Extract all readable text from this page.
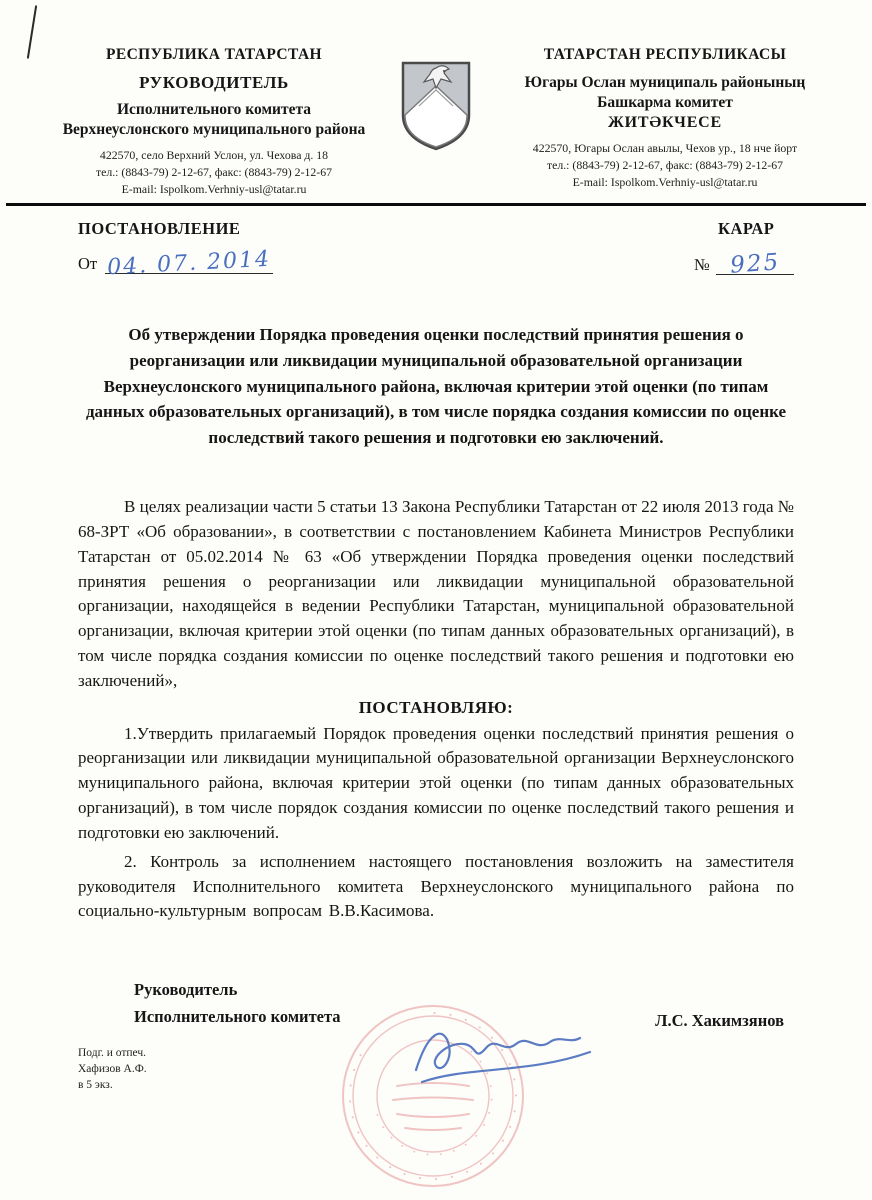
РЕСПУБЛИКА ТАТАРСТАН
РУКОВОДИТЕЛЬ
Исполнительного комитета
Верхнеуслонского муниципального района
422570, село Верхний Услон, ул. Чехова д. 18
тел.: (8843-79) 2-12-67, факс: (8843-79) 2-12-67
E-mail: Ispolkom.Verhniy-usl@tatar.ru
ТАТАРСТАН РЕСПУБЛИКАСЫ
Югары Ослан муниципаль районының
Башкарма комитет
ЖИТӘКЧЕСЕ
422570, Югары Ослан авылы, Чехов ур., 18 нче йорт
тел.: (8843-79) 2-12-67, факс: (8843-79) 2-12-67
E-mail: Ispolkom.Verhniy-usl@tatar.ru
ПОСТАНОВЛЕНИЕ	КАРАР
От 04. 07. 2014	№ 925
Об утверждении Порядка проведения оценки последствий принятия решения о реорганизации или ликвидации муниципальной образовательной организации Верхнеуслонского муниципального района, включая критерии этой оценки (по типам данных образовательных организаций), в том числе порядка создания комиссии по оценке последствий такого решения и подготовки ею заключений.
В целях реализации части 5 статьи 13 Закона Республики Татарстан от 22 июля 2013 года № 68-ЗРТ «Об образовании», в соответствии с постановлением Кабинета Министров Республики Татарстан от 05.02.2014 № 63 «Об утверждении Порядка проведения оценки последствий принятия решения о реорганизации или ликвидации муниципальной образовательной организации, находящейся в ведении Республики Татарстан, муниципальной образовательной организации, включая критерии этой оценки (по типам данных образовательных организаций), в том числе порядка создания комиссии по оценке последствий такого решения и подготовки ею заключений»,
ПОСТАНОВЛЯЮ:
1.Утвердить прилагаемый Порядок проведения оценки последствий принятия решения о реорганизации или ликвидации муниципальной образовательной организации Верхнеуслонского муниципального района, включая критерии этой оценки (по типам данных образовательных организаций), в том числе порядок создания комиссии по оценке последствий такого решения и подготовки ею заключений.
2. Контроль за исполнением настоящего постановления возложить на заместителя руководителя Исполнительного комитета Верхнеуслонского муниципального района по социально-культурным вопросам В.В.Касимова.
Руководитель
Исполнительного комитета	Л.С. Хакимзянов
Подг. и отпеч.
Хафизов А.Ф.
в 5 экз.
• • • • • • • • • • • • • • • • • • • • • • • • • • • •
• • • • • • • • • • • • • • • • • • • •
